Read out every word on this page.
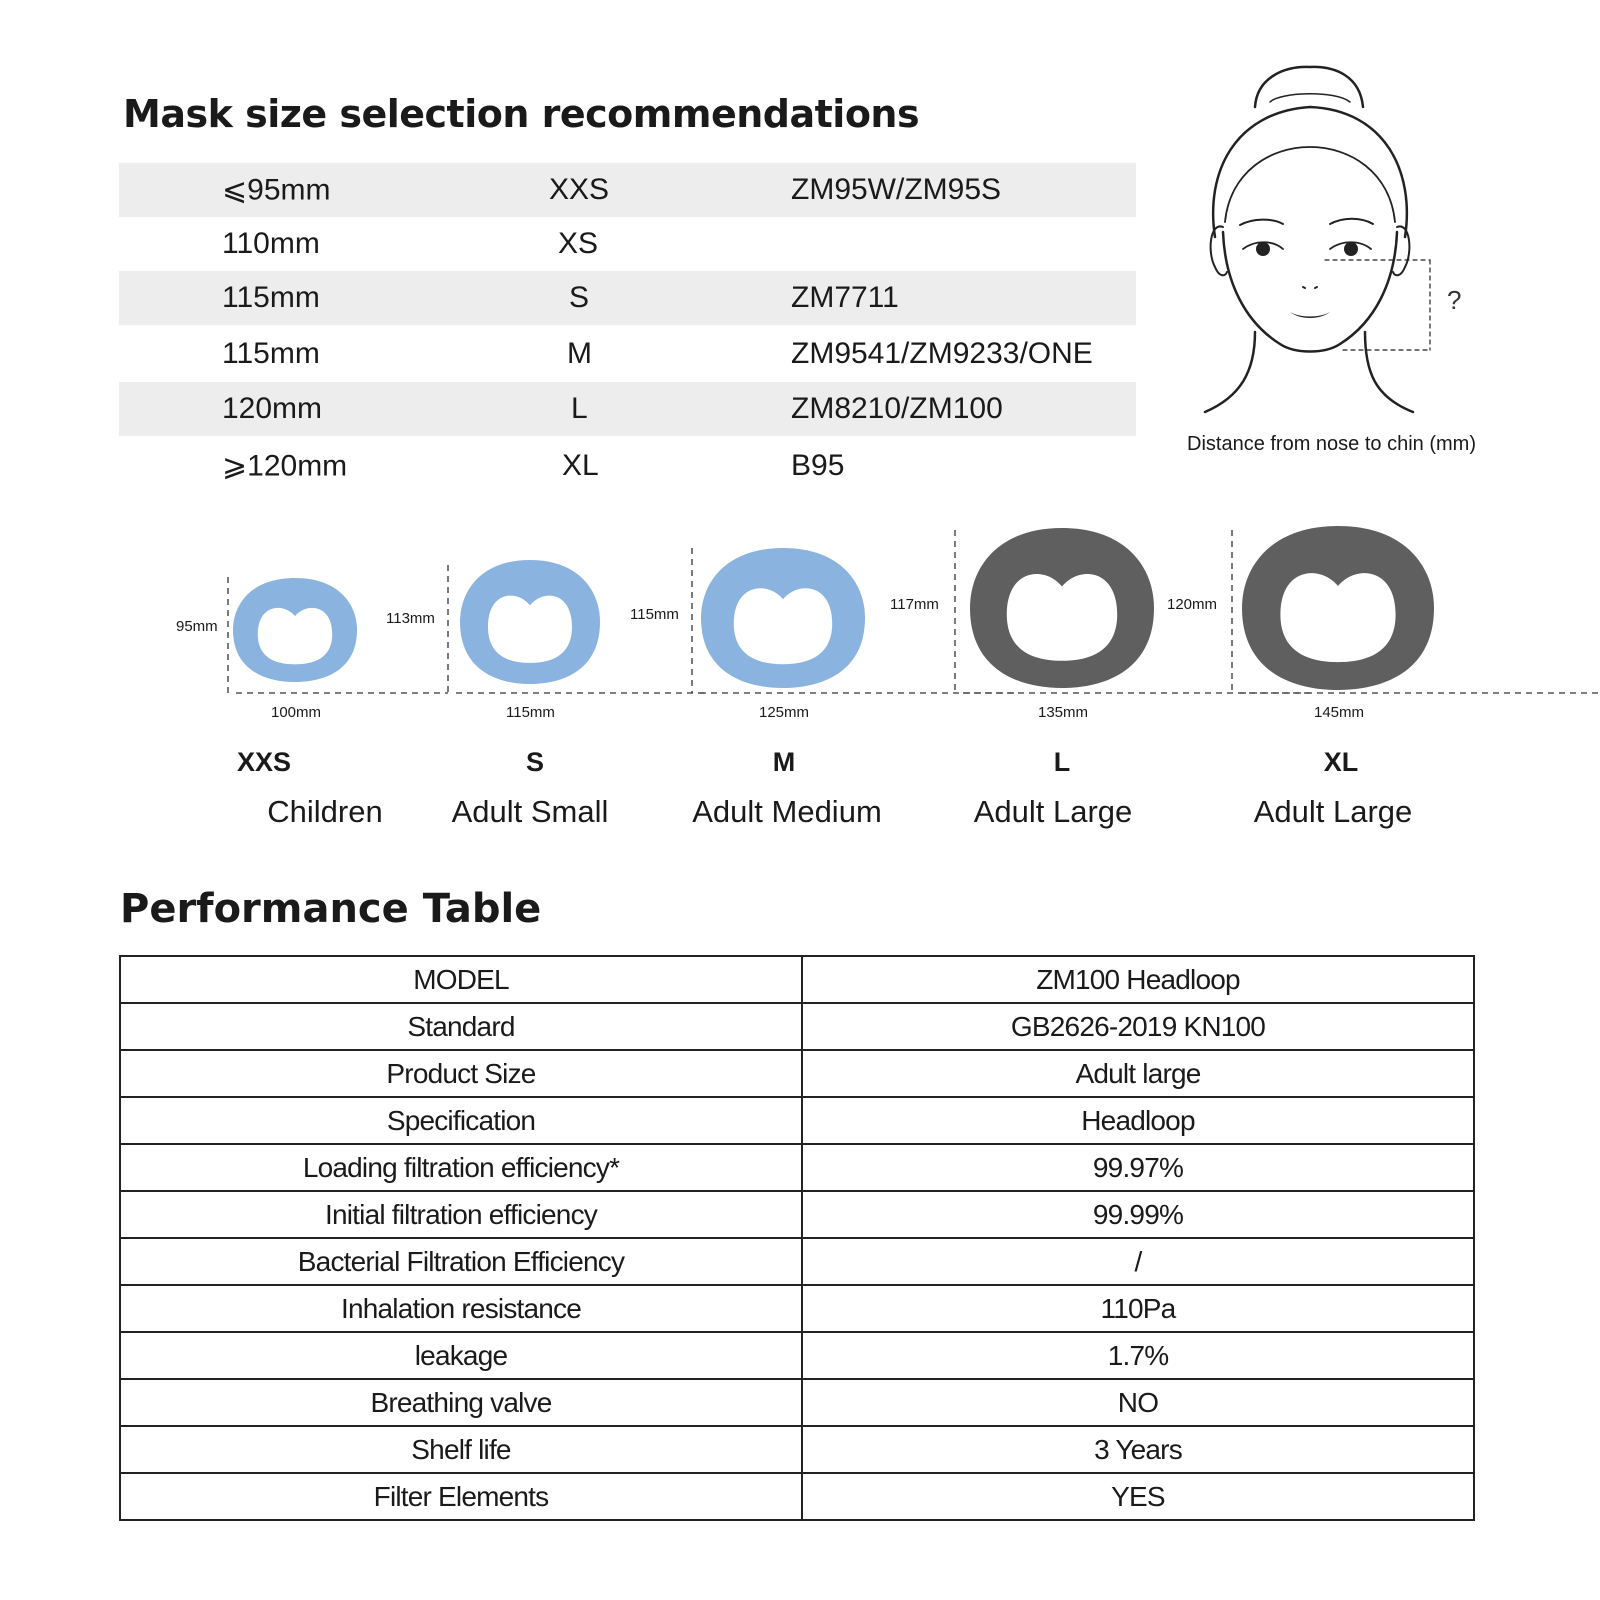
Mask size selection recommendations
⩽95mm	XXS	ZM95W/ZM95S
110mm	XS
115mm	S	ZM7711
115mm	M	ZM9541/ZM9233/ONE
120mm	L	ZM8210/ZM100
⩾120mm	XL	B95
?
Distance from nose to chin (mm)
95mm
100mm
XXS
Children
113mm
115mm
S
Adult Small
115mm
125mm
M
Adult Medium
117mm
135mm
L
Adult Large
120mm
145mm
XL
Adult Large
Performance Table
MODEL	ZM100 Headloop
Standard	GB2626-2019 KN100
Product Size	Adult large
Specification	Headloop
Loading filtration efficiency*	99.97%
Initial filtration efficiency	99.99%
Bacterial Filtration Efficiency	/
Inhalation resistance	110Pa
leakage	1.7%
Breathing valve	NO
Shelf life	3 Years
Filter Elements	YES
